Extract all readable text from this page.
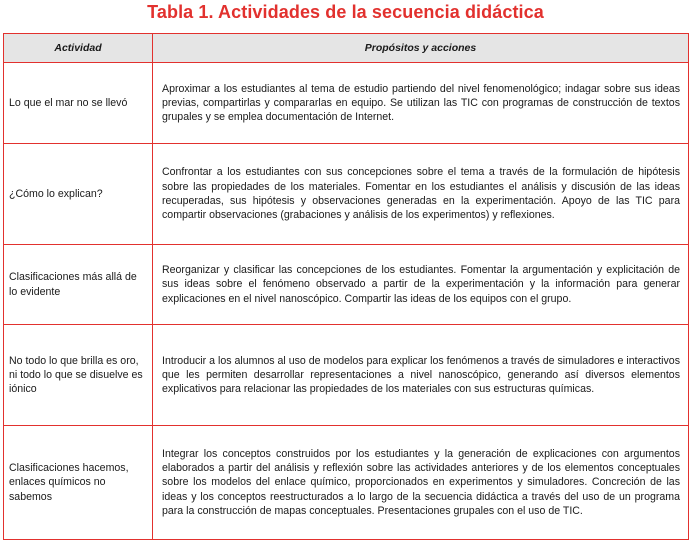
Tabla 1. Actividades de la secuencia didáctica
Actividad	Propósitos y acciones
Lo que el mar no se llevó	Aproximar a los estudiantes al tema de estudio partiendo del nivel fenomenológico; indagar sobre sus ideas previas, compartirlas y compararlas en equipo. Se utilizan las TIC con programas de construcción de textos grupales y se emplea documentación de Internet.
¿Cómo lo explican?	Confrontar a los estudiantes con sus concepciones sobre el tema a través de la formulación de hipótesis sobre las propiedades de los materiales. Fomentar en los estudiantes el análisis y discusión de las ideas recuperadas, sus hipótesis y observaciones generadas en la experimentación. Apoyo de las TIC para compartir observaciones (grabaciones y análisis de los experimentos) y reflexiones.
Clasificaciones más allá de lo evidente	Reorganizar y clasificar las concepciones de los estudiantes. Fomentar la argumentación y explicitación de sus ideas sobre el fenómeno observado a partir de la experimentación y la información para generar explicaciones en el nivel nanoscópico. Compartir las ideas de los equipos con el grupo.
No todo lo que brilla es oro, ni todo lo que se disuelve es iónico	Introducir a los alumnos al uso de modelos para explicar los fenómenos a través de simuladores e interactivos que les permiten desarrollar representaciones a nivel nanoscópico, generando así diversos elementos explicativos para relacionar las propiedades de los materiales con sus estructuras químicas.
Clasificaciones hacemos, enlaces químicos no sabemos	Integrar los conceptos construidos por los estudiantes y la generación de explicaciones con argumentos elaborados a partir del análisis y reflexión sobre las actividades anteriores y de los elementos conceptuales sobre los modelos del enlace químico, proporcionados en experimentos y simuladores. Concreción de las ideas y los conceptos reestructurados a lo largo de la secuencia didáctica a través del uso de un programa para la construcción de mapas conceptuales. Presentaciones grupales con el uso de TIC.
